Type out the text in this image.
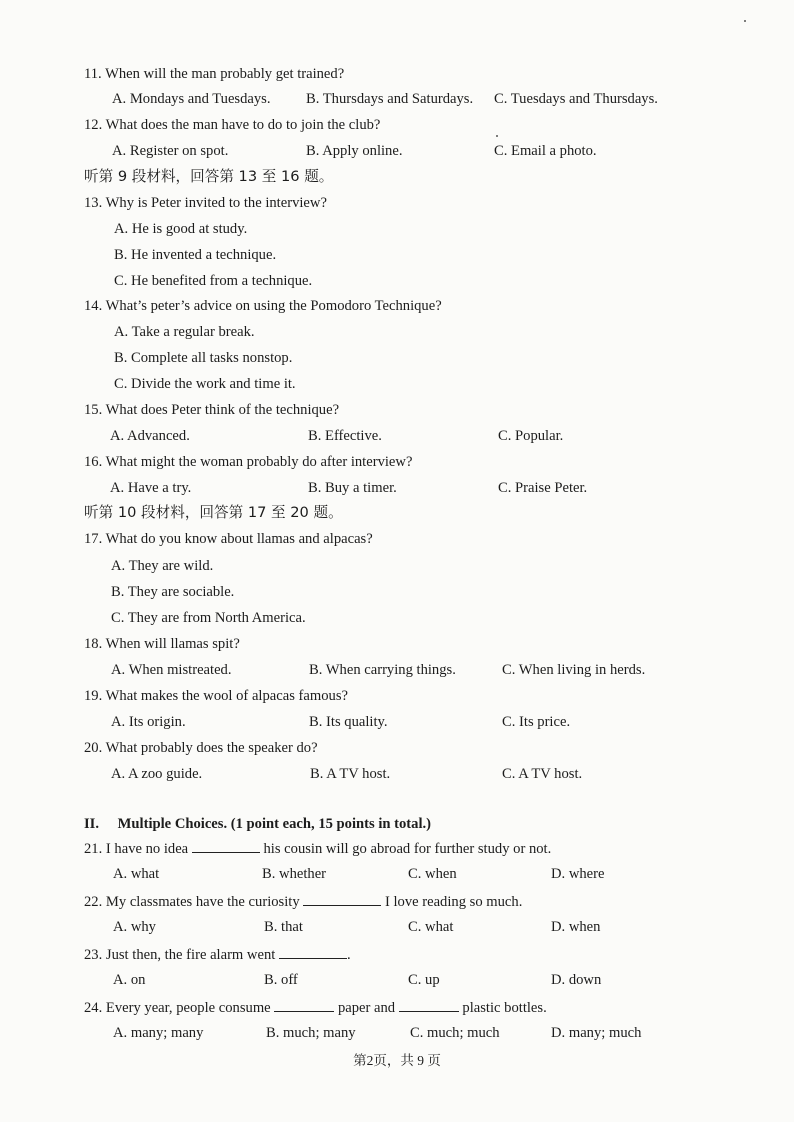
11. When will the man probably get trained?
A. Mondays and Tuesdays. B. Thursdays and Saturdays. C. Tuesdays and Thursdays.
12. What does the man have to do to join the club?
A. Register on spot.	B. Apply online.	C. Email a photo.
听第 9 段材料，回答第 13 至 16 题。
13. Why is Peter invited to the interview?
A. He is good at study.
B. He invented a technique.
C. He benefited from a technique.
14. What’s peter’s advice on using the Pomodoro Technique?
A. Take a regular break.
B. Complete all tasks nonstop.
C. Divide the work and time it.
15. What does Peter think of the technique?
A. Advanced.	B. Effective.	C. Popular.
16. What might the woman probably do after interview?
A. Have a try.	B. Buy a timer.	C. Praise Peter.
听第 10 段材料，回答第 17 至 20 题。
17. What do you know about llamas and alpacas?
A. They are wild.
B. They are sociable.
C. They are from North America.
18. When will llamas spit?
A. When mistreated.	B. When carrying things.	C. When living in herds.
19. What makes the wool of alpacas famous?
A. Its origin.	B. Its quality.	C. Its price.
20. What probably does the speaker do?
A. A zoo guide.	B. A TV host.	C. A TV host.
II. Multiple Choices. (1 point each, 15 points in total.)
21. I have no idea	his cousin will go abroad for further study or not.
A. what	B. whether	C. when	D. where
22. My classmates have the curiosity	I love reading so much.
A. why	B. that	C. what	D. when
23. Just then, the fire alarm went	.
A. on	B. off	C. up	D. down
24. Every year, people consume	paper and	plastic bottles.
A. many; many	B. much; many	C. much; much	D. many; much
第2页，共 9 页
